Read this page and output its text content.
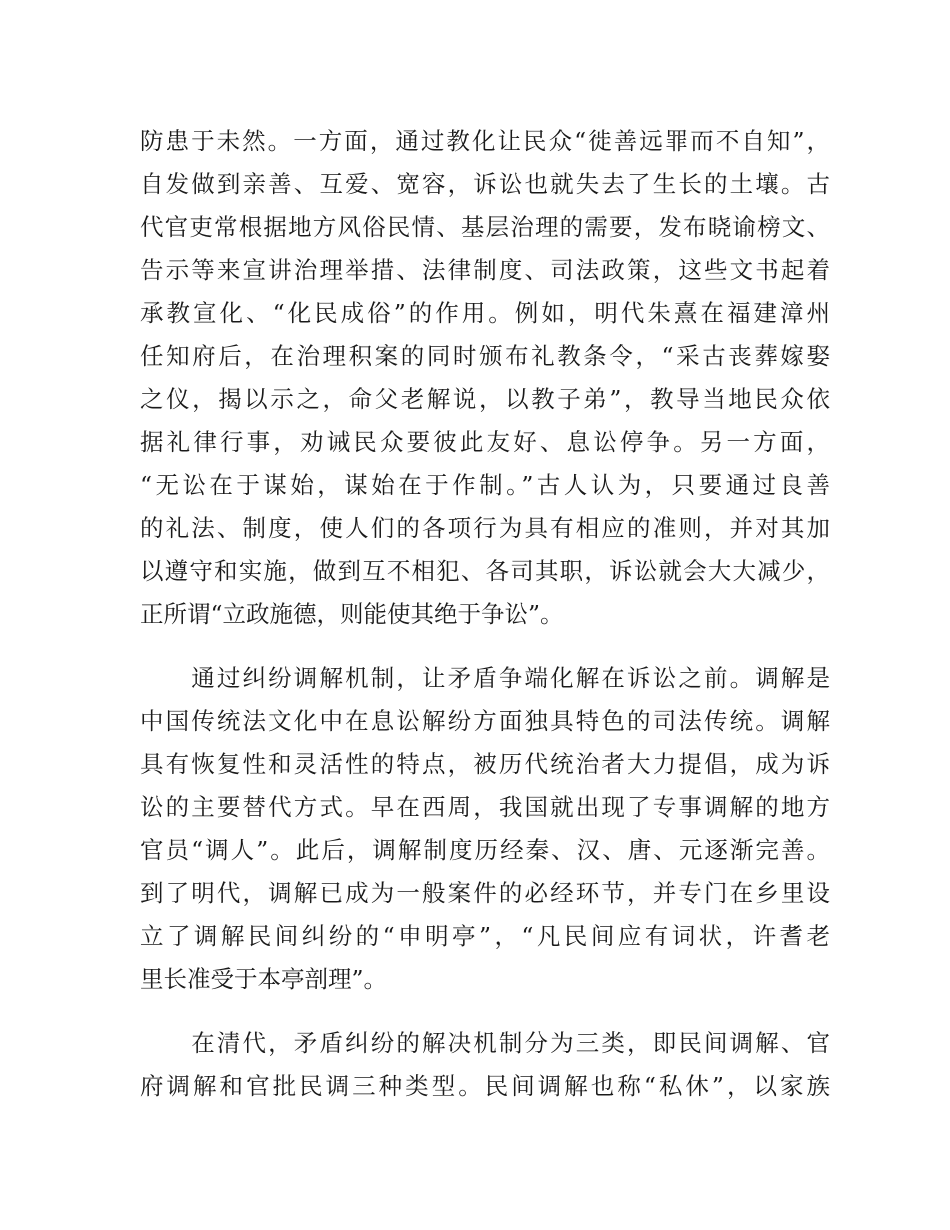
防患于未然。一方面，通过教化让民众“徙善远罪而不自知”，
自发做到亲善、互爱、宽容，诉讼也就失去了生长的土壤。古
代官吏常根据地方风俗民情、基层治理的需要，发布晓谕榜文、
告示等来宣讲治理举措、法律制度、司法政策，这些文书起着
承教宣化、“化民成俗”的作用。例如，明代朱熹在福建漳州
任知府后，在治理积案的同时颁布礼教条令，“采古丧葬嫁娶
之仪，揭以示之，命父老解说，以教子弟”，教导当地民众依
据礼律行事，劝诫民众要彼此友好、息讼停争。另一方面，
“无讼在于谋始，谋始在于作制。”古人认为，只要通过良善
的礼法、制度，使人们的各项行为具有相应的准则，并对其加
以遵守和实施，做到互不相犯、各司其职，诉讼就会大大减少，
正所谓“立政施德，则能使其绝于争讼”。
　　通过纠纷调解机制，让矛盾争端化解在诉讼之前。调解是
中国传统法文化中在息讼解纷方面独具特色的司法传统。调解
具有恢复性和灵活性的特点，被历代统治者大力提倡，成为诉
讼的主要替代方式。早在西周，我国就出现了专事调解的地方
官员“调人”。此后，调解制度历经秦、汉、唐、元逐渐完善。
到了明代，调解已成为一般案件的必经环节，并专门在乡里设
立了调解民间纠纷的“申明亭”，“凡民间应有词状，许耆老
里长准受于本亭剖理”。
　　在清代，矛盾纠纷的解决机制分为三类，即民间调解、官
府调解和官批民调三种类型。民间调解也称“私休”，以家族
